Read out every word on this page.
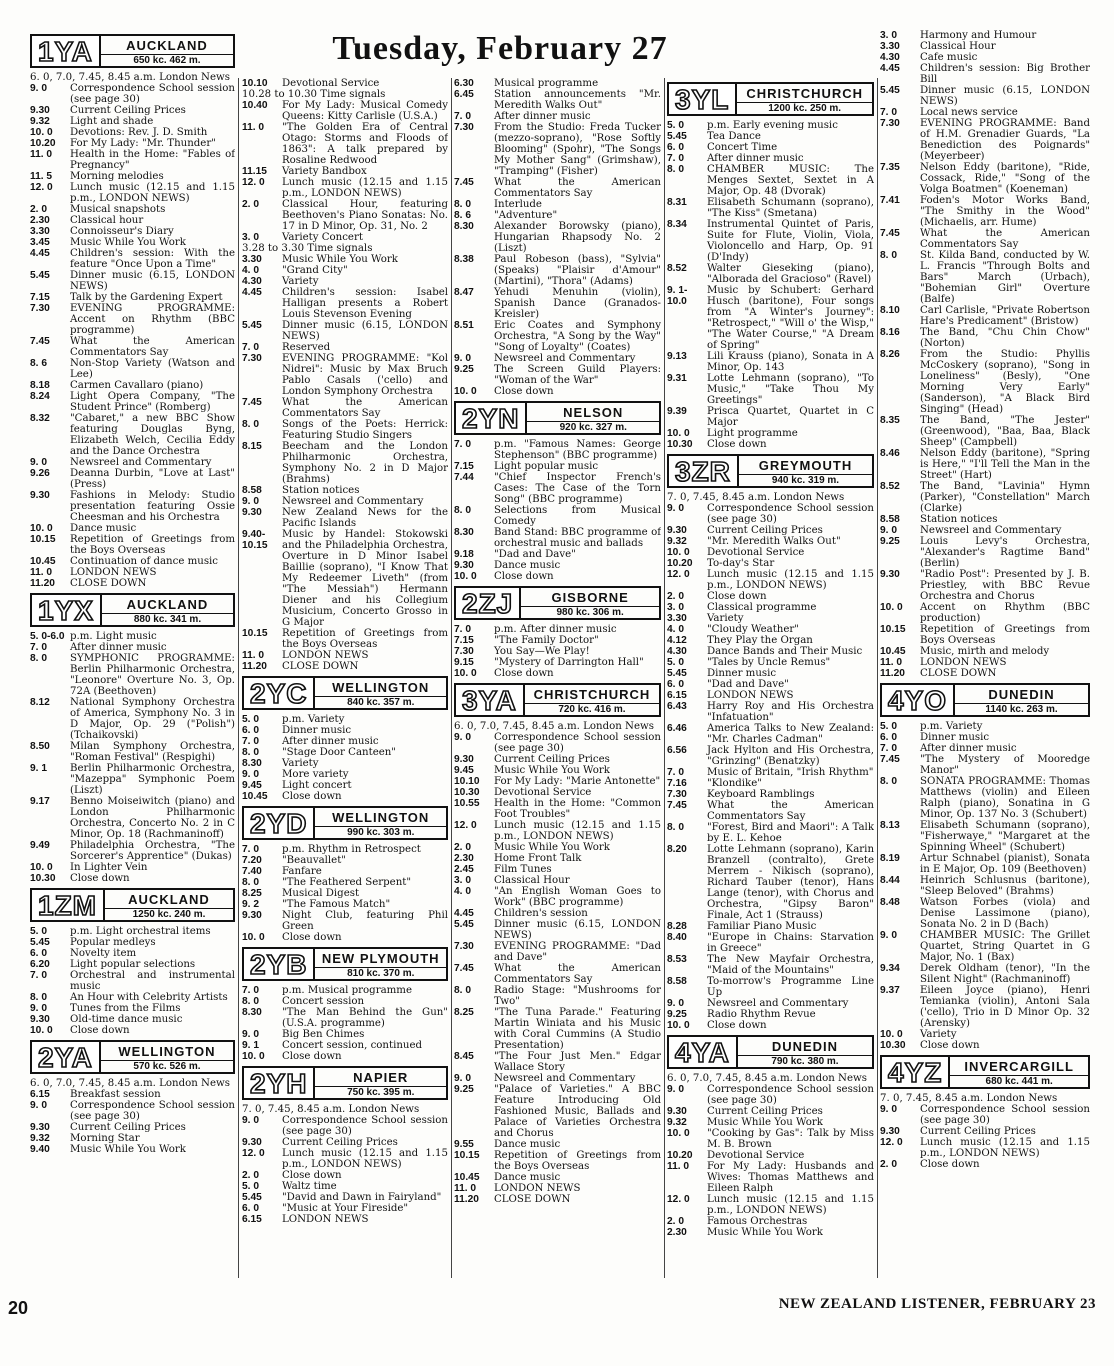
Tuesday, February 27
1YA	AUCKLAND
650 kc. 462 m.
6. 0, 7.0, 7.45, 8.45 a.m. London News
9. 0	Correspondence School session (see page 30)
9.30	Current Ceiling Prices
9.32	Light and shade
10. 0	Devotions: Rev. J. D. Smith
10.20	For My Lady: "Mr. Thunder"
11. 0	Health in the Home: "Fables of Pregnancy"
11. 5	Morning melodies
12. 0	Lunch music (12.15 and 1.15 p.m., LONDON NEWS)
2. 0	Musical snapshots
2.30	Classical hour
3.30	Connoisseur's Diary
3.45	Music While You Work
4.45	Children's session: With the feature "Once Upon a Time"
5.45	Dinner music (6.15, LONDON NEWS)
7.15	Talk by the Gardening Expert
7.30	EVENING PROGRAMME: Accent on Rhythm (BBC programme)
7.45	What the American Commentators Say
8. 6	Non-Stop Variety (Watson and Lee)
8.18	Carmen Cavallaro (piano)
8.24	Light Opera Company, "The Student Prince" (Romberg)
8.32	"Cabaret," a new BBC Show featuring Douglas Byng, Elizabeth Welch, Cecilia Eddy and the Dance Orchestra
9. 0	Newsreel and Commentary
9.26	Deanna Durbin, "Love at Last" (Press)
9.30	Fashions in Melody: Studio presentation featuring Ossie Cheesman and his Orchestra
10. 0	Dance music
10.15	Repetition of Greetings from the Boys Overseas
10.45	Continuation of dance music
11. 0	LONDON NEWS
11.20	CLOSE DOWN
1YX	AUCKLAND
880 kc. 341 m.
5. 0-6.0 p.m. Light music
7. 0	After dinner music
8. 0	SYMPHONIC PROGRAMME: Berlin Philharmonic Orchestra, "Leonore" Overture No. 3, Op. 72A (Beethoven)
8.12	National Symphony Orchestra of America, Symphony No. 3 in D Major, Op. 29 ("Polish") (Tchaikovski)
8.50	Milan Symphony Orchestra, "Roman Festival" (Respighi)
9. 1	Berlin Philharmonic Orchestra, "Mazeppa" Symphonic Poem (Liszt)
9.17	Benno Moiseiwitch (piano) and London Philharmonic Orchestra, Concerto No. 2 in C Minor, Op. 18 (Rachmaninoff)
9.49	Philadelphia Orchestra, "The Sorcerer's Apprentice" (Dukas)
10. 0	In Lighter Vein
10.30	Close down
1ZM	AUCKLAND
1250 kc. 240 m.
5. 0	p.m. Light orchestral items
5.45	Popular medleys
6. 0	Novelty item
6.20	Light popular selections
7. 0	Orchestral and instrumental music
8. 0	An Hour with Celebrity Artists
9. 0	Tunes from the Films
9.30	Old-time dance music
10. 0	Close down
2YA	WELLINGTON
570 kc. 526 m.
6. 0, 7.0, 7.45, 8.45 a.m. London News
6.15	Breakfast session
9. 0	Correspondence School session (see page 30)
9.30	Current Ceiling Prices
9.32	Morning Star
9.40	Music While You Work
10.10	Devotional Service
10.28 to 10.30 Time signals
10.40	For My Lady: Musical Comedy Queens: Kitty Carlisle (U.S.A.)
11. 0	"The Golden Era of Central Otago: Storms and Floods of 1863": A talk prepared by Rosaline Redwood
11.15	Variety Bandbox
12. 0	Lunch music (12.15 and 1.15 p.m., LONDON NEWS)
2. 0	Classical Hour, featuring Beethoven's Piano Sonatas: No. 17 in D Minor, Op. 31, No. 2
3. 0	Variety Concert
3.28 to 3.30 Time signals
3.30	Music While You Work
4. 0	"Grand City"
4.30	Variety
4.45	Children's session: Isabel Halligan presents a Robert Louis Stevenson Evening
5.45	Dinner music (6.15, LONDON NEWS)
7. 0	Reserved
7.30	EVENING PROGRAMME: "Kol Nidrei": Music by Max Bruch Pablo Casals ('cello) and London Symphony Orchestra
7.45	What the American Commentators Say
8. 0	Songs of the Poets: Herrick: Featuring Studio Singers
8.15	Beecham and the London Philharmonic Orchestra, Symphony No. 2 in D Major (Brahms)
8.58	Station notices
9. 0	Newsreel and Commentary
9.30	New Zealand News for the Pacific Islands
9.40-10.15
Music by Handel: Stokowski and the Philadelphia Orchestra, Overture in D Minor Isabel Baillie (soprano), "I Know That My Redeemer Liveth" (from "The Messiah") Hermann Diener and his Collegium Musicium, Concerto Grosso in G Major
10.15	Repetition of Greetings from the Boys Overseas
11. 0	LONDON NEWS
11.20	CLOSE DOWN
2YC	WELLINGTON
840 kc. 357 m.
5. 0	p.m. Variety
6. 0	Dinner music
7. 0	After dinner music
8. 0	"Stage Door Canteen"
8.30	Variety
9. 0	More variety
9.45	Light concert
10.45	Close down
2YD	WELLINGTON
990 kc. 303 m.
7. 0	p.m. Rhythm in Retrospect
7.20	"Beauvallet"
7.40	Fanfare
8. 0	"The Feathered Serpent"
8.25	Musical Digest
9. 2	"The Famous Match"
9.30	Night Club, featuring Phil Green
10. 0	Close down
2YB	NEW PLYMOUTH
810 kc. 370 m.
7. 0	p.m. Musical programme
8. 0	Concert session
8.30	"The Man Behind the Gun" (U.S.A. programme)
9. 0	Big Ben Chimes
9. 1	Concert session, continued
10. 0	Close down
2YH	NAPIER
750 kc. 395 m.
7. 0, 7.45, 8.45 a.m. London News
9. 0	Correspondence School session (see page 30)
9.30	Current Ceiling Prices
12. 0	Lunch music (12.15 and 1.15 p.m., LONDON NEWS)
2. 0	Close down
5. 0	Waltz time
5.45	"David and Dawn in Fairyland"
6. 0	"Music at Your Fireside"
6.15	LONDON NEWS
6.30	Musical programme
6.45	Station announcements "Mr. Meredith Walks Out"
7. 0	After dinner music
7.30	From the Studio: Freda Tucker (mezzo-soprano), "Rose Softly Blooming" (Spohr), "The Songs My Mother Sang" (Grimshaw), "Tramping" (Fisher)
7.45	What the American Commentators Say
8. 0	Interlude
8. 6	"Adventure"
8.30	Alexander Borowsky (piano), Hungarian Rhapsody No. 2 (Liszt)
8.38	Paul Robeson (bass), "Sylvia" (Speaks) "Plaisir d'Amour" (Martini), "Thora" (Adams)
8.47	Yehudi Menuhin (violin), Spanish Dance (Granados-Kreisler)
8.51	Eric Coates and Symphony Orchestra, "A Song by the Way" "Song of Loyalty" (Coates)
9. 0	Newsreel and Commentary
9.25	The Screen Guild Players: "Woman of the War"
10. 0	Close down
2YN	NELSON
920 kc. 327 m.
7. 0	p.m. "Famous Names: George Stephenson" (BBC programme)
7.15	Light popular music
7.44	"Chief Inspector French's Cases: The Case of the Torn Song" (BBC programme)
8. 0	Selections from Musical Comedy
8.30	Band Stand: BBC programme of orchestral music and ballads
9.18	"Dad and Dave"
9.30	Dance music
10. 0	Close down
2ZJ	GISBORNE
980 kc. 306 m.
7. 0	p.m. After dinner music
7.15	"The Family Doctor"
7.30	You Say—We Play!
9.15	"Mystery of Darrington Hall"
10. 0	Close down
3YA	CHRISTCHURCH
720 kc. 416 m.
6. 0, 7.0, 7.45, 8.45 a.m. London News
9. 0	Correspondence School session (see page 30)
9.30	Current Ceiling Prices
9.45	Music While You Work
10.10	For My Lady: "Marie Antonette"
10.30	Devotional Service
10.55	Health in the Home: "Common Foot Troubles"
12. 0	Lunch music (12.15 and 1.15 p.m., LONDON NEWS)
2. 0	Music While You Work
2.30	Home Front Talk
2.45	Film Tunes
3. 0	Classical Hour
4. 0	"An English Woman Goes to Work" (BBC programme)
4.45	Children's session
5.45	Dinner music (6.15, LONDON NEWS)
7.30	EVENING PROGRAMME: "Dad and Dave"
7.45	What the American Commentators Say
8. 0	Radio Stage: "Mushrooms for Two"
8.25	"The Tuna Parade." Featuring Martin Winiata and his Music with Coral Cummins (A Studio Presentation)
8.45	"The Four Just Men." Edgar Wallace Story
9. 0	Newsreel and Commentary
9.25	"Palace of Varieties." A BBC Feature Introducing Old Fashioned Music, Ballads and Palace of Varieties Orchestra and Chorus
9.55	Dance music
10.15	Repetition of Greetings from the Boys Overseas
10.45	Dance music
11. 0	LONDON NEWS
11.20	CLOSE DOWN
3YL	CHRISTCHURCH
1200 kc. 250 m.
5. 0	p.m. Early evening music
5.45	Tea Dance
6. 0	Concert Time
7. 0	After dinner music
8. 0	CHAMBER MUSIC: The Menges Sextet, Sextet in A Major, Op. 48 (Dvorak)
8.31	Elisabeth Schumann (soprano), "The Kiss" (Smetana)
8.34	Instrumental Quintet of Paris, Suite for Flute, Violin, Viola, Violoncello and Harp, Op. 91 (D'Indy)
8.52	Walter Gieseking (piano), "Alborada del Gracioso" (Ravel)
9. 1-10.0
Music by Schubert: Gerhard Husch (baritone), Four songs from "A Winter's Journey": "Retrospect," "Will o' the Wisp," "The Water Course," "A Dream of Spring"
9.13	Lili Krauss (piano), Sonata in A Minor, Op. 143
9.31	Lotte Lehmann (soprano), "To Music," "Take Thou My Greetings"
9.39	Prisca Quartet, Quartet in C Major
10. 0	Light programme
10.30	Close down
3ZR	GREYMOUTH
940 kc. 319 m.
7. 0, 7.45, 8.45 a.m. London News
9. 0	Correspondence School session (see page 30)
9.30	Current Ceiling Prices
9.32	"Mr. Meredith Walks Out"
10. 0	Devotional Service
10.20	To-day's Star
12. 0	Lunch music (12.15 and 1.15 p.m., LONDON NEWS)
2. 0	Close down
3. 0	Classical programme
3.30	Variety
4. 0	"Cloudy Weather"
4.12	They Play the Organ
4.30	Dance Bands and Their Music
5. 0	"Tales by Uncle Remus"
5.45	Dinner music
6. 0	"Dad and Dave"
6.15	LONDON NEWS
6.43	Harry Roy and His Orchestra "Infatuation"
6.46	America Talks to New Zealand: "Mr. Charles Cadman"
6.56	Jack Hylton and His Orchestra, "Grinzing" (Benatzky)
7. 0	Music of Britain, "Irish Rhythm"
7.16	"Klondike"
7.30	Keyboard Ramblings
7.45	What the American Commentators Say
8. 0	"Forest, Bird and Maori": A Talk by E. L. Kehoe
8.20	Lotte Lehmann (soprano), Karin Branzell (contralto), Grete Merrem - Nikisch (soprano), Richard Tauber (tenor), Hans Lange (tenor), with Chorus and Orchestra, "Gipsy Baron" Finale, Act 1 (Strauss)
8.28	Familiar Piano Music
8.40	"Europe in Chains: Starvation in Greece"
8.53	The New Mayfair Orchestra, "Maid of the Mountains"
8.58	To-morrow's Programme Line Up
9. 0	Newsreel and Commentary
9.25	Radio Rhythm Revue
10. 0	Close down
4YA	DUNEDIN
790 kc. 380 m.
6. 0, 7.0, 7.45, 8.45 a.m. London News
9. 0	Correspondence School session (see page 30)
9.30	Current Ceiling Prices
9.32	Music While You Work
10. 0	"Cooking by Gas": Talk by Miss M. B. Brown
10.20	Devotional Service
11. 0	For My Lady: Husbands and Wives: Thomas Matthews and Eileen Ralph
12. 0	Lunch music (12.15 and 1.15 p.m., LONDON NEWS)
2. 0	Famous Orchestras
2.30	Music While You Work
3. 0	Harmony and Humour
3.30	Classical Hour
4.30	Cafe music
4.45	Children's session: Big Brother Bill
5.45	Dinner music (6.15, LONDON NEWS)
7. 0	Local news service
7.30	EVENING PROGRAMME: Band of H.M. Grenadier Guards, "La Benediction des Poignards" (Meyerbeer)
7.35	Nelson Eddy (baritone), "Ride, Cossack, Ride," "Song of the Volga Boatmen" (Koeneman)
7.41	Foden's Motor Works Band, "The Smithy in the Wood" (Michaelis, arr. Hume)
7.45	What the American Commentators Say
8. 0	St. Kilda Band, conducted by W. L. Francis "Through Bolts and Bars" March (Urbach), "Bohemian Girl" Overture (Balfe)
8.10	Carl Carlisle, "Private Robertson Hare's Predicament" (Bristow)
8.16	The Band, "Chu Chin Chow" (Norton)
8.26	From the Studio: Phyllis McCoskery (soprano), "Song in Loneliness" (Besly), "One Morning Very Early" (Sanderson), "A Black Bird Singing" (Head)
8.35	The Band, "The Jester" (Greenwood), "Baa, Baa, Black Sheep" (Campbell)
8.46	Nelson Eddy (baritone), "Spring is Here," "I'll Tell the Man in the Street" (Hart)
8.52	The Band, "Lavinia" Hymn (Parker), "Constellation" March (Clarke)
8.58	Station notices
9. 0	Newsreel and Commentary
9.25	Louis Levy's Orchestra, "Alexander's Ragtime Band" (Berlin)
9.30	"Radio Post": Presented by J. B. Priestley, with BBC Revue Orchestra and Chorus
10. 0	Accent on Rhythm (BBC production)
10.15	Repetition of Greetings from Boys Overseas
10.45	Music, mirth and melody
11. 0	LONDON NEWS
11.20	CLOSE DOWN
4YO	DUNEDIN
1140 kc. 263 m.
5. 0	p.m. Variety
6. 0	Dinner music
7. 0	After dinner music
7.45	"The Mystery of Mooredge Manor"
8. 0	SONATA PROGRAMME: Thomas Matthews (violin) and Eileen Ralph (piano), Sonatina in G Minor, Op. 137 No. 3 (Schubert)
8.13	Elisabeth Schumann (soprano), "Fisherwaye," "Margaret at the Spinning Wheel" (Schubert)
8.19	Artur Schnabel (pianist), Sonata in E Major, Op. 109 (Beethoven)
8.44	Heinrich Schlusnus (baritone), "Sleep Beloved" (Brahms)
8.48	Watson Forbes (viola) and Denise Lassimone (piano), Sonata No. 2 in D (Bach)
9. 0	CHAMBER MUSIC: The Grillet Quartet, String Quartet in G Major, No. 1 (Bax)
9.34	Derek Oldham (tenor), "In the Silent Night" (Rachmaninoff)
9.37	Eileen Joyce (piano), Henri Temianka (violin), Antoni Sala ('cello), Trio in D Minor Op. 32 (Arensky)
10. 0	Variety
10.30	Close down
4YZ	INVERCARGILL
680 kc. 441 m.
7. 0, 7.45, 8.45 a.m. London News
9. 0	Correspondence School session (see page 30)
9.30	Current Ceiling Prices
12. 0	Lunch music (12.15 and 1.15 p.m., LONDON NEWS)
2. 0	Close down
20	NEW ZEALAND LISTENER, FEBRUARY 23
